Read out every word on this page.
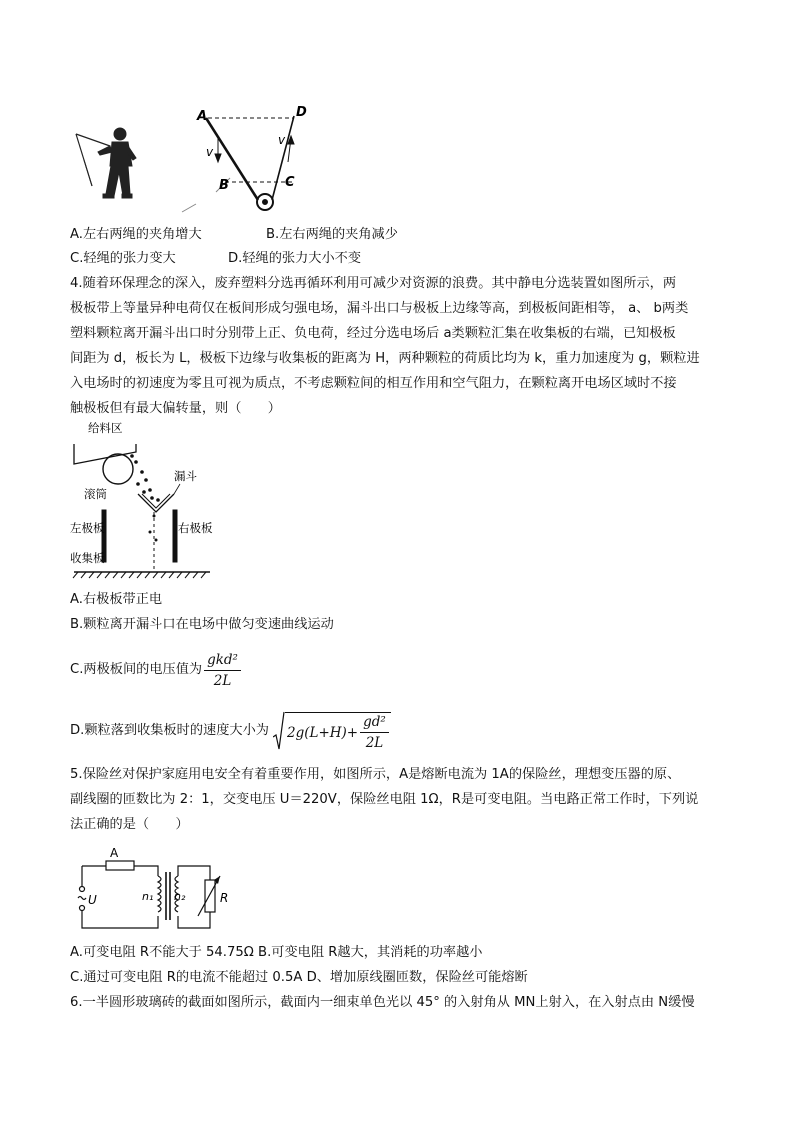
A	D
B	C
v
v
A.左右两绳的夹角增大	B.左右两绳的夹角减少
C.轻绳的张力变大	D.轻绳的张力大小不变
4.随着环保理念的深入，废弃塑料分选再循环利用可减少对资源的浪费。其中静电分选装置如图所示，两
极板带上等量异种电荷仅在板间形成匀强电场，漏斗出口与极板上边缘等高，到极板间距相等， a、 b两类
塑料颗粒离开漏斗出口时分别带上正、负电荷，经过分选电场后 a类颗粒汇集在收集板的右端，已知极板
间距为 d，板长为 L，极板下边缘与收集板的距离为 H，两种颗粒的荷质比均为 k，重力加速度为 g，颗粒进
入电场时的初速度为零且可视为质点，不考虑颗粒间的相互作用和空气阻力，在颗粒离开电场区域时不接
触极板但有最大偏转量，则（　　）
给料区
滚筒
漏斗
左极板	右极板
收集板
A.右极板带正电
B.颗粒离开漏斗口在电场中做匀变速曲线运动
C.两极板间的电压值为 $\frac{\text{gkd²}}{2L}$
D.颗粒落到收集板时的速度大小为 $2g(L+H)+ \frac{\text{gd²}}{2L}$
5.保险丝对保护家庭用电安全有着重要作用，如图所示，A是熔断电流为 1A的保险丝，理想变压器的原、
副线圈的匝数比为 2：1，交变电压 U＝220V，保险丝电阻 1Ω，R是可变电阻。当电路正常工作时，下列说
法正确的是（　　）
A
U	n₁ n₂	R
A.可变电阻 R不能大于 54.75Ω B.可变电阻 R越大，其消耗的功率越小
C.通过可变电阻 R的电流不能超过 0.5A D、增加原线圈匝数，保险丝可能熔断
6.一半圆形玻璃砖的截面如图所示，截面内一细束单色光以 45° 的入射角从 MN上射入，在入射点由 N缓慢
